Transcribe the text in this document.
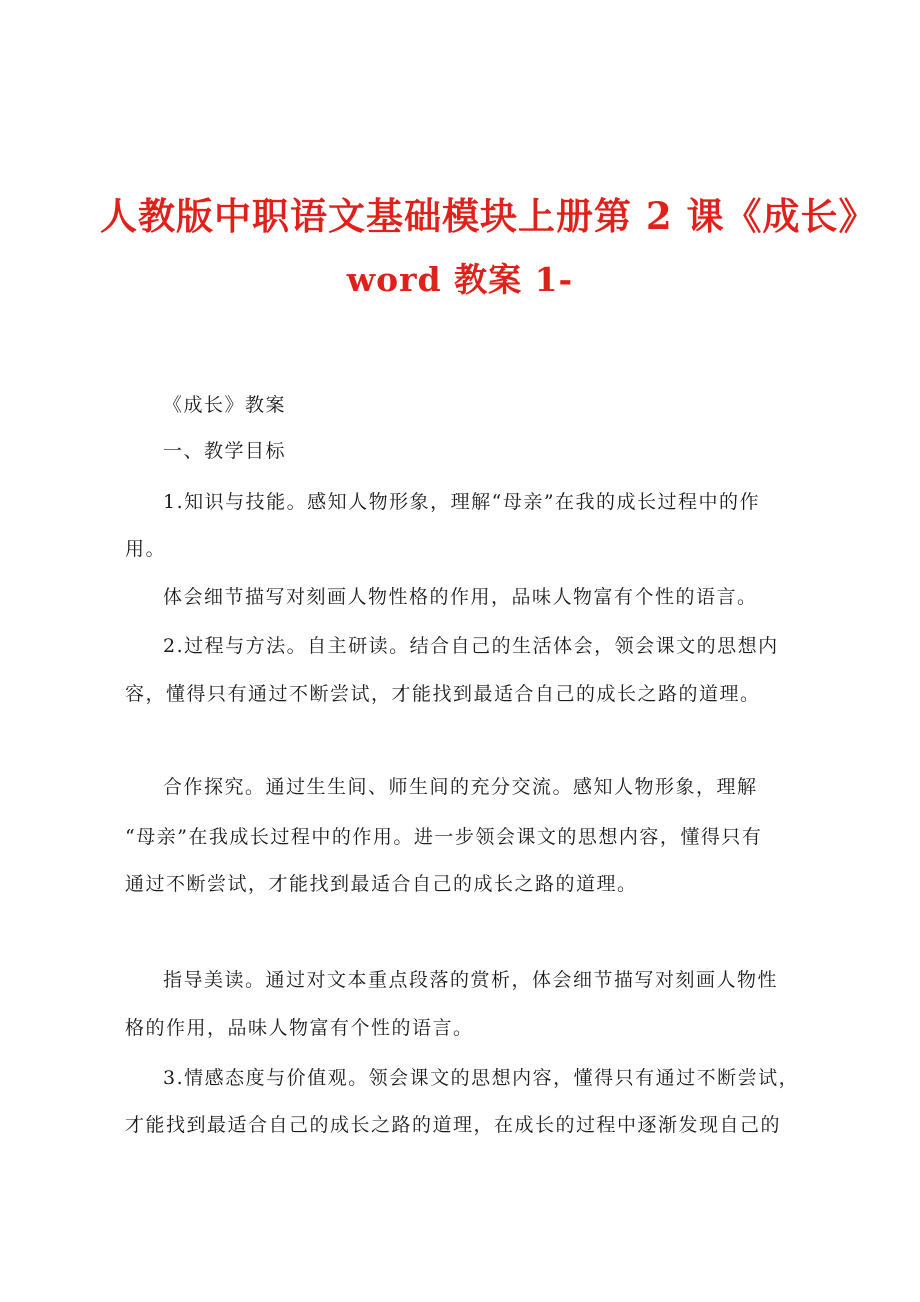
人教版中职语文基础模块上册第 2 课《成长》
word 教案 1-
《成长》教案
一、教学目标
1.知识与技能。感知人物形象，理解“母亲”在我的成长过程中的作
用。
体会细节描写对刻画人物性格的作用，品味人物富有个性的语言。
2.过程与方法。自主研读。结合自己的生活体会，领会课文的思想内
容，懂得只有通过不断尝试，才能找到最适合自己的成长之路的道理。
合作探究。通过生生间、师生间的充分交流。感知人物形象，理解
“母亲”在我成长过程中的作用。进一步领会课文的思想内容，懂得只有
通过不断尝试，才能找到最适合自己的成长之路的道理。
指导美读。通过对文本重点段落的赏析，体会细节描写对刻画人物性
格的作用，品味人物富有个性的语言。
3.情感态度与价值观。领会课文的思想内容，懂得只有通过不断尝试，
才能找到最适合自己的成长之路的道理，在成长的过程中逐渐发现自己的
